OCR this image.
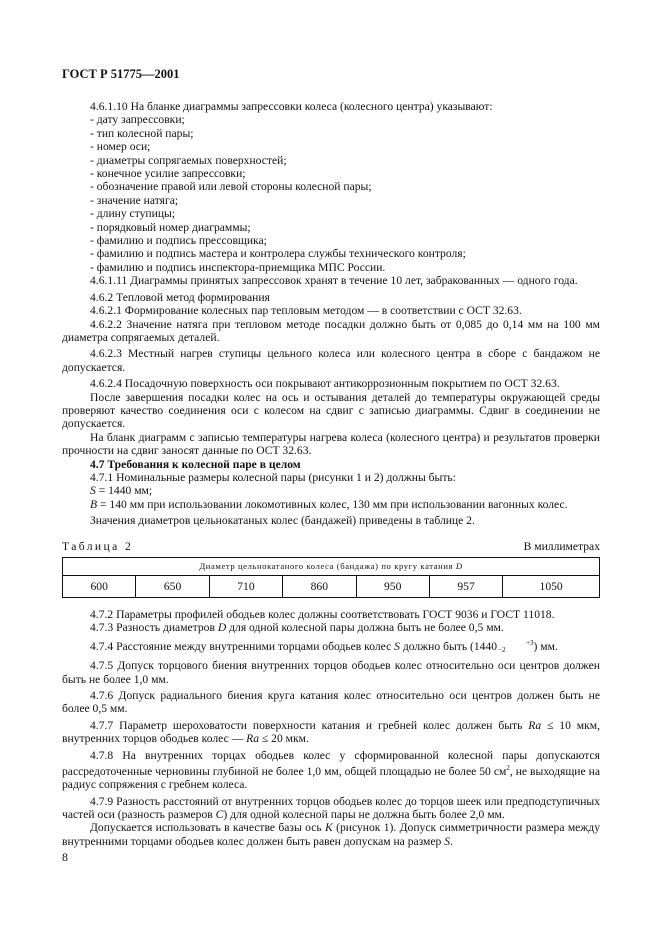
ГОСТ Р 51775—2001

4.6.1.10 На бланке диаграммы запрессовки колеса (колесного центра) указывают:

- дату запрессовки;

- тип колесной пары;

- номер оси;

- диаметры сопрягаемых поверхностей;

- конечное усилие запрессовки;

- обозначение правой или левой стороны колесной пары;

- значение натяга;

- длину ступицы;

- порядковый номер диаграммы;

- фамилию и подпись прессовщика;

- фамилию и подпись мастера и контролера службы технического контроля;

- фамилию и подпись инспектора-приемщика МПС России.

4.6.1.11 Диаграммы принятых запрессовок хранят в течение 10 лет, забракованных — одного года.

4.6.2 Тепловой метод формирования

4.6.2.1 Формирование колесных пар тепловым методом — в соответствии с ОСТ 32.63.

4.6.2.2 Значение натяга при тепловом методе посадки должно быть от 0,085 до 0,14 мм на 100 мм диаметра сопрягаемых деталей.

4.6.2.3 Местный нагрев ступицы цельного колеса или колесного центра в сборе с бандажом не допускается.

4.6.2.4 Посадочную поверхность оси покрывают антикоррозионным покрытием по ОСТ 32.63.

После завершения посадки колес на ось и остывания деталей до температуры окружающей среды проверяют качество соединения оси с колесом на сдвиг с записью диаграммы. Сдвиг в соединении не допускается.

На бланк диаграмм с записью температуры нагрева колеса (колесного центра) и результатов проверки прочности на сдвиг заносят данные по ОСТ 32.63.

4.7 Требования к колесной паре в целом

4.7.1 Номинальные размеры колесной пары (рисунки 1 и 2) должны быть:

S = 1440 мм;

B = 140 мм при использовании локомотивных колес, 130 мм при использовании вагонных колес.

Значения диаметров цельнокатаных колес (бандажей) приведены в таблице 2.

Таблица 2	В миллиметрах
Диаметр цельнокатаного колеса (бандажа) по кругу катания D
600	650	710	860	950	957	1050

4.7.2 Параметры профилей ободьев колес должны соответствовать ГОСТ 9036 и ГОСТ 11018.

4.7.3 Разность диаметров D для одной колесной пары должна быть не более 0,5 мм.

4.7.4 Расстояние между внутренними торцами ободьев колес S должно быть (1440	+3
−2 ) мм.

4.7.5 Допуск торцового биения внутренних торцов ободьев колес относительно оси центров должен быть не более 1,0 мм.

4.7.6 Допуск радиального биения круга катания колес относительно оси центров должен быть не более 0,5 мм.

4.7.7 Параметр шероховатости поверхности катания и гребней колес должен быть Ra ≤ 10 мкм, внутренних торцов ободьев колес — Ra ≤ 20 мкм.

4.7.8 На внутренних торцах ободьев колес у сформированной колесной пары допускаются рассредоточенные черновины глубиной не более 1,0 мм, общей площадью не более 50 $см^2$, не выходящие на радиус сопряжения с гребнем колеса.

4.7.9 Разность расстояний от внутренних торцов ободьев колес до торцов шеек или предподступичных частей оси (разность размеров C) для одной колесной пары не должна быть более 2,0 мм.

Допускается использовать в качестве базы ось K (рисунок 1). Допуск симметричности размера между внутренними торцами ободьев колес должен быть равен допускам на размер S.

8
